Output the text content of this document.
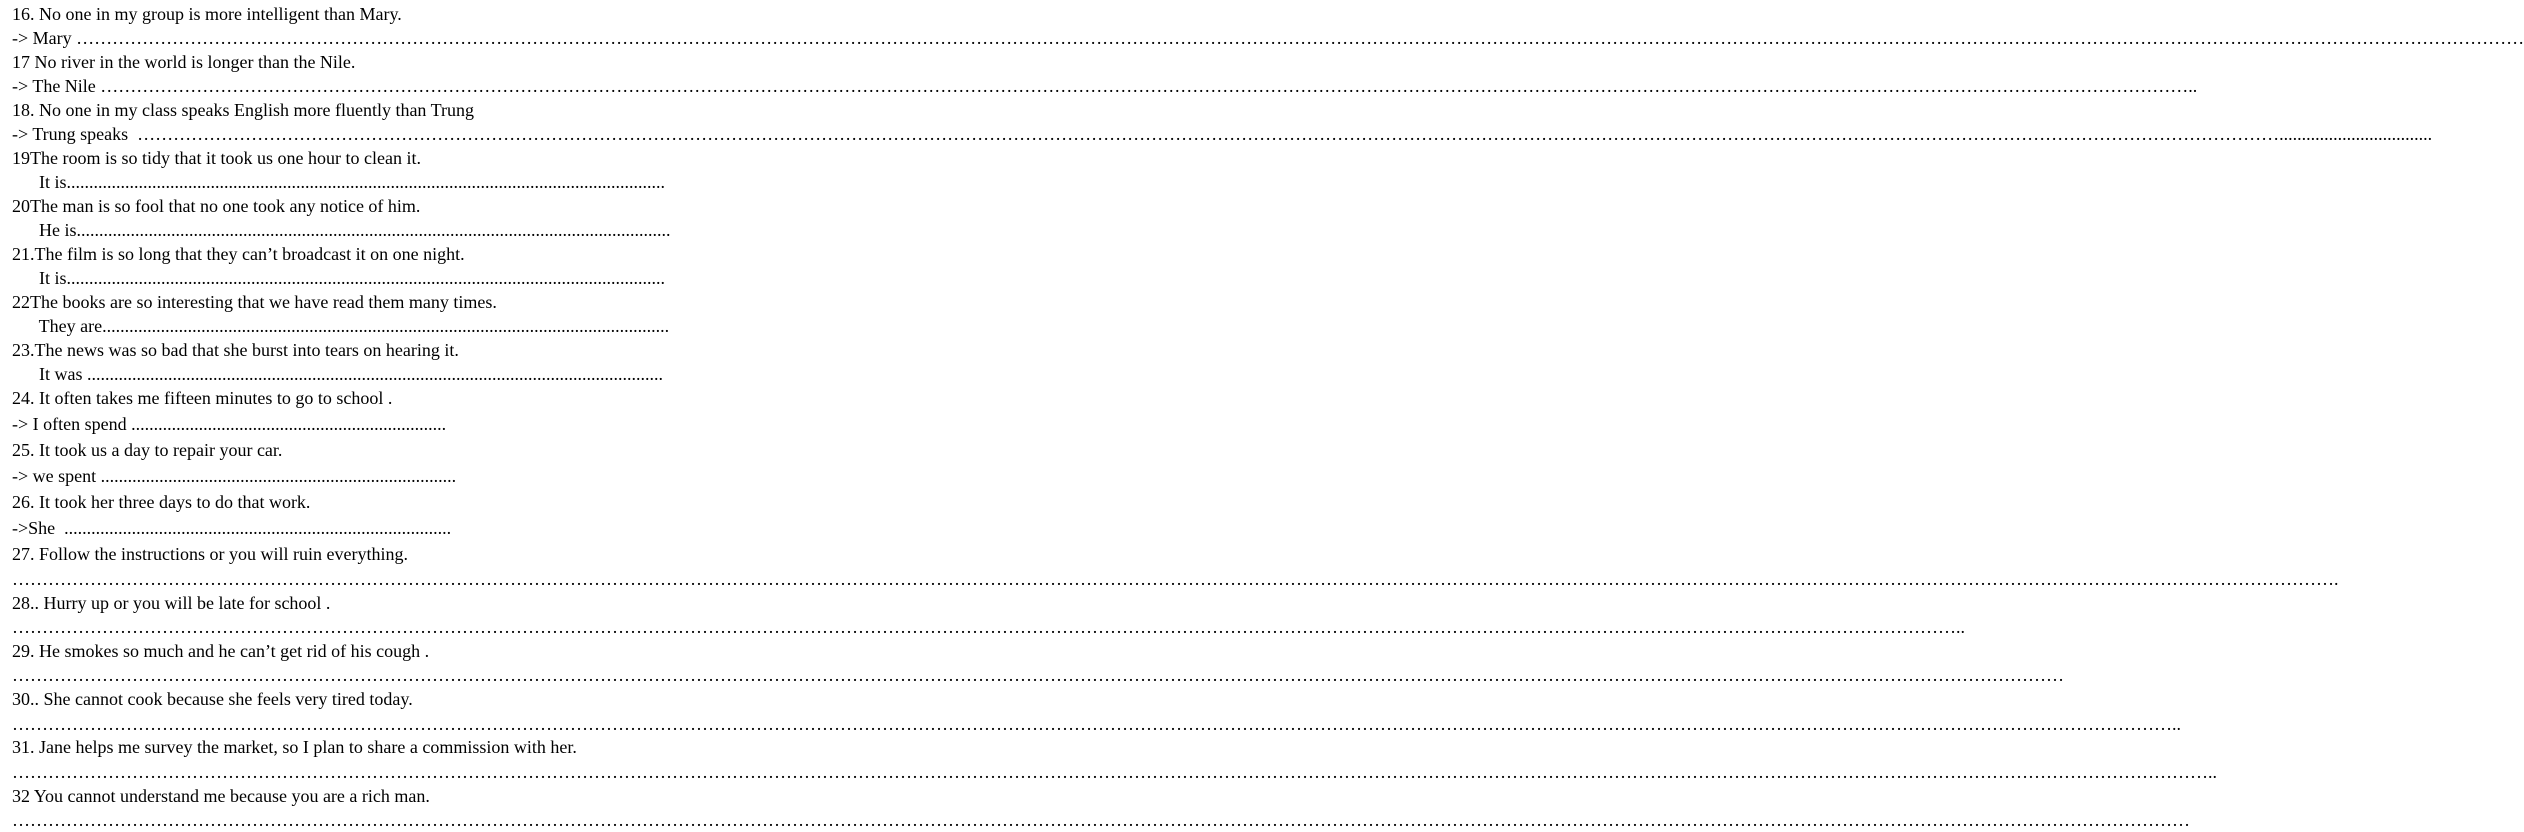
16. No one in my group is more intelligent than Mary.
-> Mary …………………………………………………………………………………………………………………………………………………………………………………………………………………………………………………………………………………………………………………………………………………………………………
17 No river in the world is longer than the Nile.
-> The Nile ……………………………………………………………………………………………………………………………………………………………………………………………………………………………………………………………………………………………………………………..
18. No one in my class speaks English more fluently than Trung
-> Trung speaks  ……………………………………………………………………………………………………………………………………………………………………………………………………………………………………………………………………………………………………………………………..................................
19The room is so tidy that it took us one hour to clean it.
It is.....................................................................................................................................
20The man is so fool that no one took any notice of him.
He is....................................................................................................................................
21.The film is so long that they can’t broadcast it on one night.
It is.....................................................................................................................................
22The books are so interesting that we have read them many times.
They are..............................................................................................................................
23.The news was so bad that she burst into tears on hearing it.
It was ................................................................................................................................
24. It often takes me fifteen minutes to go to school .
-> I often spend ......................................................................
25. It took us a day to repair your car.
-> we spent ...............................................................................
26. It took her three days to do that work.
->She  ......................................................................................
27. Follow the instructions or you will ruin everything.
……………………………………………………………………………………………………………………………………………………………………………………………………………………………………………………………………………………………………………………………………………………….
28.. Hurry up or you will be late for school .
………………………………………………………………………………………………………………………………………………………………………………………………………………………………………………………………………………………………..
29. He smokes so much and he can’t get rid of his cough .
………………………………………………………………………………………………………………………………………………………………………………………………………………………………………………………………………………………………………………
30.. She cannot cook because she feels very tired today.
………………………………………………………………………………………………………………………………………………………………………………………………………………………………………………………………………………………………………………………………..
31. Jane helps me survey the market, so I plan to share a commission with her.
……………………………………………………………………………………………………………………………………………………………………………………………………………………………………………………………………………………………………………………………………..
32 You cannot understand me because you are a rich man.
…………………………………………………………………………………………………………………………………………………………………………………………………………………………………………………………………………………………………………………………………
